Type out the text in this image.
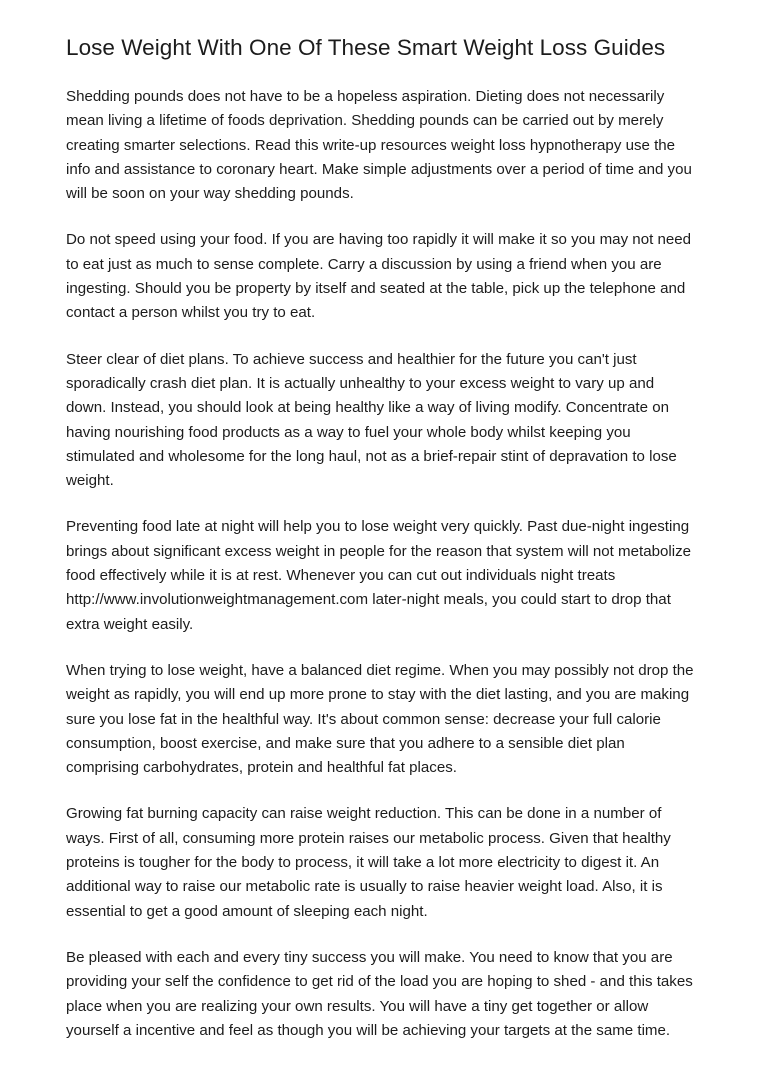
Lose Weight With One Of These Smart Weight Loss Guides

Shedding pounds does not have to be a hopeless aspiration. Dieting does not necessarily mean living a lifetime of foods deprivation. Shedding pounds can be carried out by merely creating smarter selections. Read this write-up resources weight loss hypnotherapy use the info and assistance to coronary heart. Make simple adjustments over a period of time and you will be soon on your way shedding pounds.

Do not speed using your food. If you are having too rapidly it will make it so you may not need to eat just as much to sense complete. Carry a discussion by using a friend when you are ingesting. Should you be property by itself and seated at the table, pick up the telephone and contact a person whilst you try to eat.

Steer clear of diet plans. To achieve success and healthier for the future you can't just sporadically crash diet plan. It is actually unhealthy to your excess weight to vary up and down. Instead, you should look at being healthy like a way of living modify. Concentrate on having nourishing food products as a way to fuel your whole body whilst keeping you stimulated and wholesome for the long haul, not as a brief-repair stint of depravation to lose weight.

Preventing food late at night will help you to lose weight very quickly. Past due-night ingesting brings about significant excess weight in people for the reason that system will not metabolize food effectively while it is at rest. Whenever you can cut out individuals night treats http://www.involutionweightmanagement.com later-night meals, you could start to drop that extra weight easily.

When trying to lose weight, have a balanced diet regime. When you may possibly not drop the weight as rapidly, you will end up more prone to stay with the diet lasting, and you are making sure you lose fat in the healthful way. It's about common sense: decrease your full calorie consumption, boost exercise, and make sure that you adhere to a sensible diet plan comprising carbohydrates, protein and healthful fat places.

Growing fat burning capacity can raise weight reduction. This can be done in a number of ways. First of all, consuming more protein raises our metabolic process. Given that healthy proteins is tougher for the body to process, it will take a lot more electricity to digest it. An additional way to raise our metabolic rate is usually to raise heavier weight load. Also, it is essential to get a good amount of sleeping each night.

Be pleased with each and every tiny success you will make. You need to know that you are providing your self the confidence to get rid of the load you are hoping to shed - and this takes place when you are realizing your own results. You will have a tiny get together or allow yourself a incentive and feel as though you will be achieving your targets at the same time.
